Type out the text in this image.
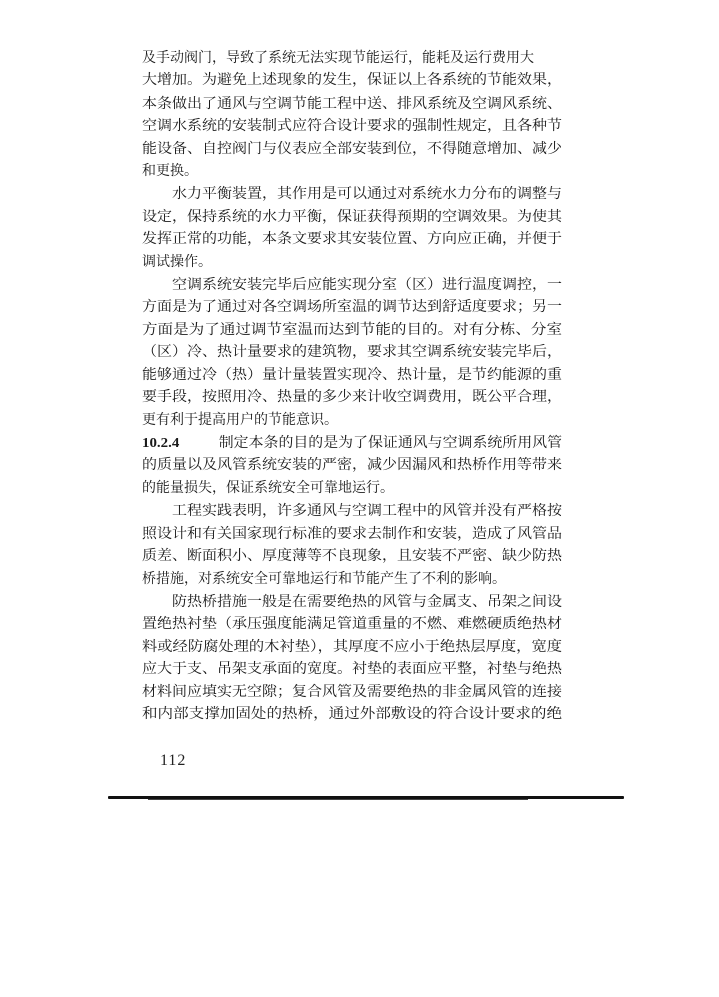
及手动阀门，导致了系统无法实现节能运行，能耗及运行费用大
大增加。为避免上述现象的发生，保证以上各系统的节能效果，
本条做出了通风与空调节能工程中送、排风系统及空调风系统、
空调水系统的安装制式应符合设计要求的强制性规定，且各种节
能设备、自控阀门与仪表应全部安装到位，不得随意增加、减少
和更换。
水力平衡装置，其作用是可以通过对系统水力分布的调整与
设定，保持系统的水力平衡，保证获得预期的空调效果。为使其
发挥正常的功能，本条文要求其安装位置、方向应正确，并便于
调试操作。
空调系统安装完毕后应能实现分室（区）进行温度调控，一
方面是为了通过对各空调场所室温的调节达到舒适度要求；另一
方面是为了通过调节室温而达到节能的目的。对有分栋、分室
（区）冷、热计量要求的建筑物，要求其空调系统安装完毕后，
能够通过冷（热）量计量装置实现冷、热计量，是节约能源的重
要手段，按照用冷、热量的多少来计收空调费用，既公平合理，
更有利于提高用户的节能意识。
10.2.4	制定本条的目的是为了保证通风与空调系统所用风管
的质量以及风管系统安装的严密，减少因漏风和热桥作用等带来
的能量损失，保证系统安全可靠地运行。
工程实践表明，许多通风与空调工程中的风管并没有严格按
照设计和有关国家现行标准的要求去制作和安装，造成了风管品
质差、断面积小、厚度薄等不良现象，且安装不严密、缺少防热
桥措施，对系统安全可靠地运行和节能产生了不利的影响。
防热桥措施一般是在需要绝热的风管与金属支、吊架之间设
置绝热衬垫（承压强度能满足管道重量的不燃、难燃硬质绝热材
料或经防腐处理的木衬垫），其厚度不应小于绝热层厚度，宽度
应大于支、吊架支承面的宽度。衬垫的表面应平整，衬垫与绝热
材料间应填实无空隙；复合风管及需要绝热的非金属风管的连接
和内部支撑加固处的热桥，通过外部敷设的符合设计要求的绝
112
